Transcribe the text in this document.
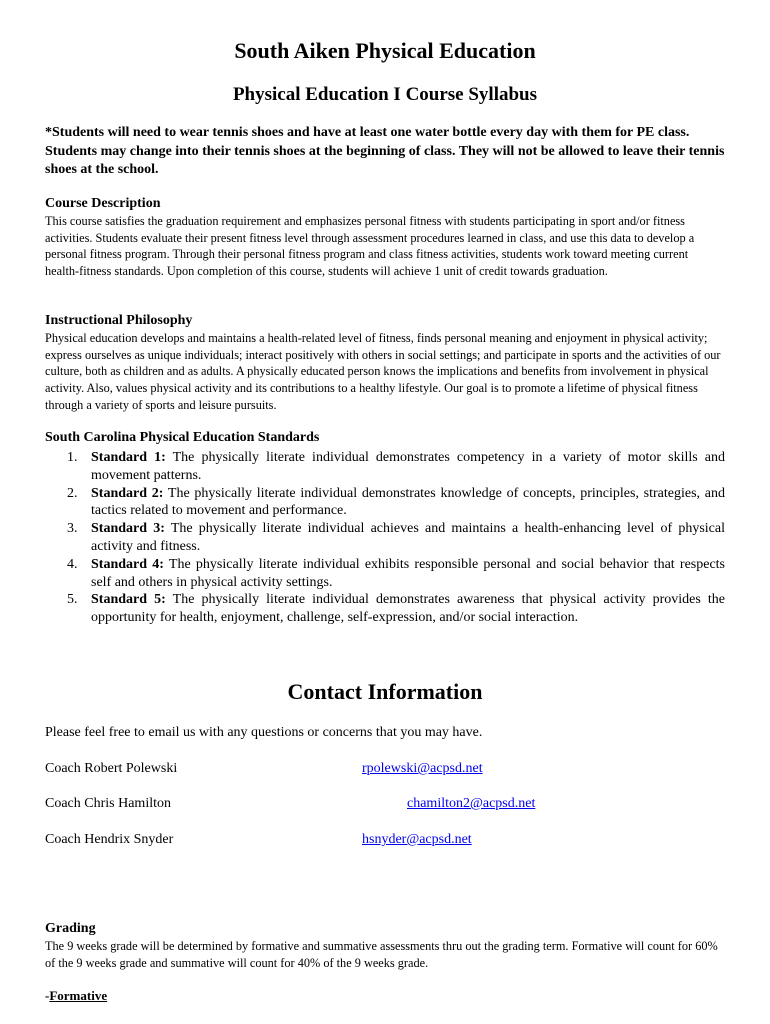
South Aiken Physical Education
Physical Education I Course Syllabus

*Students will need to wear tennis shoes and have at least one water bottle every day with them for PE class. Students may change into their tennis shoes at the beginning of class. They will not be allowed to leave their tennis shoes at the school.

Course Description

This course satisfies the graduation requirement and emphasizes personal fitness with students participating in sport and/or fitness activities. Students evaluate their present fitness level through assessment procedures learned in class, and use this data to develop a personal fitness program. Through their personal fitness program and class fitness activities, students work toward meeting current health-fitness standards. Upon completion of this course, students will achieve 1 unit of credit towards graduation.

Instructional Philosophy

Physical education develops and maintains a health-related level of fitness, finds personal meaning and enjoyment in physical activity; express ourselves as unique individuals; interact positively with others in social settings; and participate in sports and the activities of our culture, both as children and as adults. A physically educated person knows the implications and benefits from involvement in physical activity. Also, values physical activity and its contributions to a healthy lifestyle. Our goal is to promote a lifetime of physical fitness through a variety of sports and leisure pursuits.

South Carolina Physical Education Standards
1. Standard 1: The physically literate individual demonstrates competency in a variety of motor skills and movement patterns.
2. Standard 2: The physically literate individual demonstrates knowledge of concepts, principles, strategies, and tactics related to movement and performance.
3. Standard 3: The physically literate individual achieves and maintains a health-enhancing level of physical activity and fitness.
4. Standard 4: The physically literate individual exhibits responsible personal and social behavior that respects self and others in physical activity settings.
5. Standard 5: The physically literate individual demonstrates awareness that physical activity provides the opportunity for health, enjoyment, challenge, self-expression, and/or social interaction.
Contact Information

Please feel free to email us with any questions or concerns that you may have.

Coach Robert Polewski	rpolewski@acpsd.net
Coach Chris Hamilton	chamilton2@acpsd.net
Coach Hendrix Snyder	hsnyder@acpsd.net
Grading

The 9 weeks grade will be determined by formative and summative assessments thru out the grading term. Formative will count for 60% of the 9 weeks grade and summative will count for 40% of the 9 weeks grade.

-Formative
